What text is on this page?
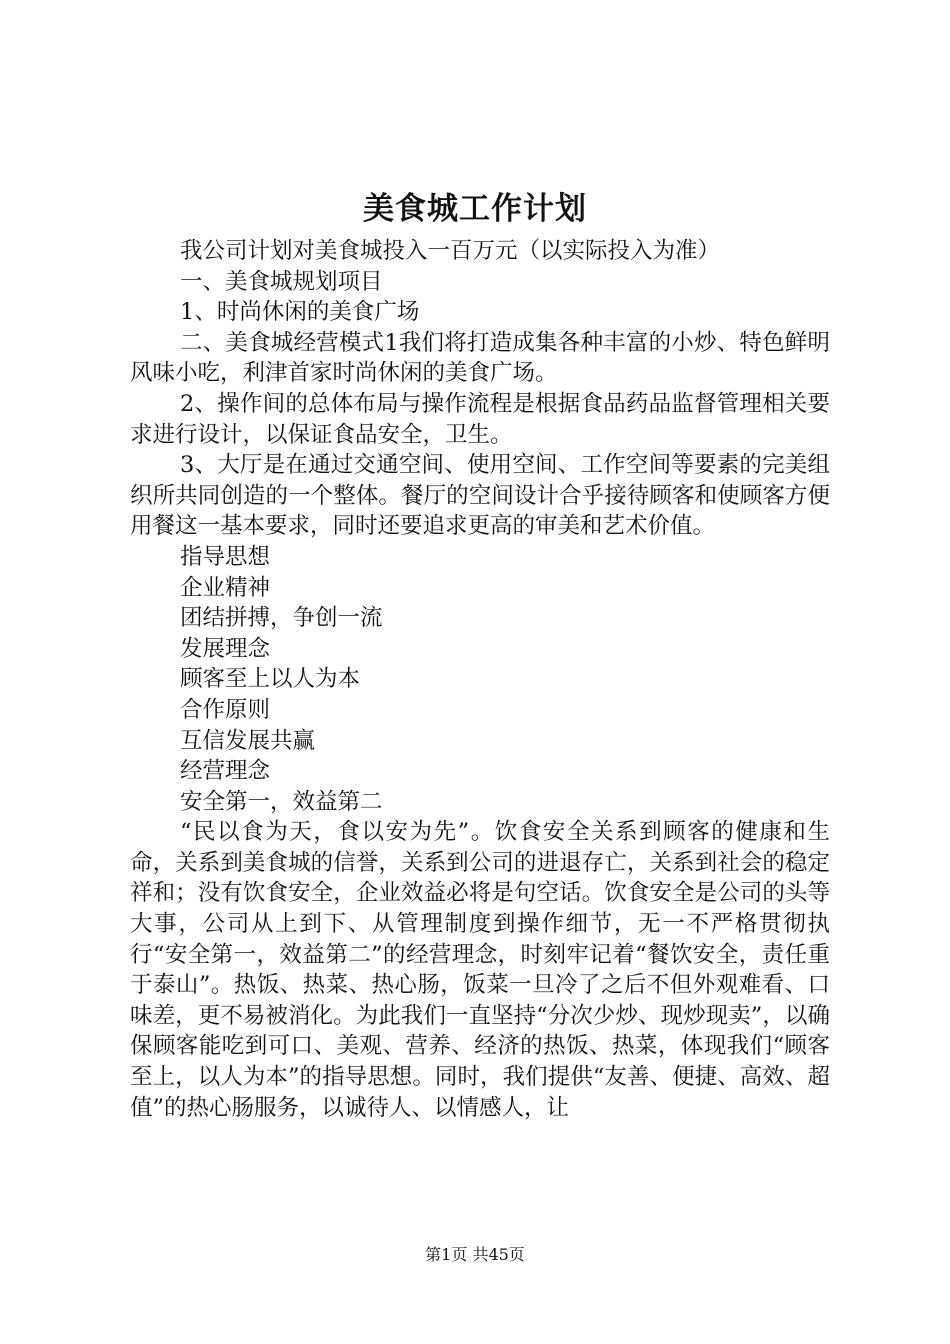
美食城工作计划

我公司计划对美食城投入一百万元（以实际投入为准）

一、美食城规划项目

1、时尚休闲的美食广场

二、美食城经营模式1我们将打造成集各种丰富的小炒、特色鲜明风味小吃，利津首家时尚休闲的美食广场。

2、操作间的总体布局与操作流程是根据食品药品监督管理相关要求进行设计，以保证食品安全，卫生。

3、大厅是在通过交通空间、使用空间、工作空间等要素的完美组织所共同创造的一个整体。餐厅的空间设计合乎接待顾客和使顾客方便用餐这一基本要求，同时还要追求更高的审美和艺术价值。

指导思想

企业精神

团结拼搏，争创一流

发展理念

顾客至上以人为本

合作原则

互信发展共赢

经营理念

安全第一，效益第二

“民以食为天，食以安为先”。饮食安全关系到顾客的健康和生命，关系到美食城的信誉，关系到公司的进退存亡，关系到社会的稳定祥和；没有饮食安全，企业效益必将是句空话。饮食安全是公司的头等大事，公司从上到下、从管理制度到操作细节，无一不严格贯彻执行“安全第一，效益第二”的经营理念，时刻牢记着“餐饮安全，责任重于泰山”。热饭、热菜、热心肠，饭菜一旦冷了之后不但外观难看、口味差，更不易被消化。为此我们一直坚持“分次少炒、现炒现卖”，以确保顾客能吃到可口、美观、营养、经济的热饭、热菜，体现我们“顾客至上，以人为本”的指导思想。同时，我们提供“友善、便捷、高效、超值”的热心肠服务，以诚待人、以情感人，让

第1页 共45页
